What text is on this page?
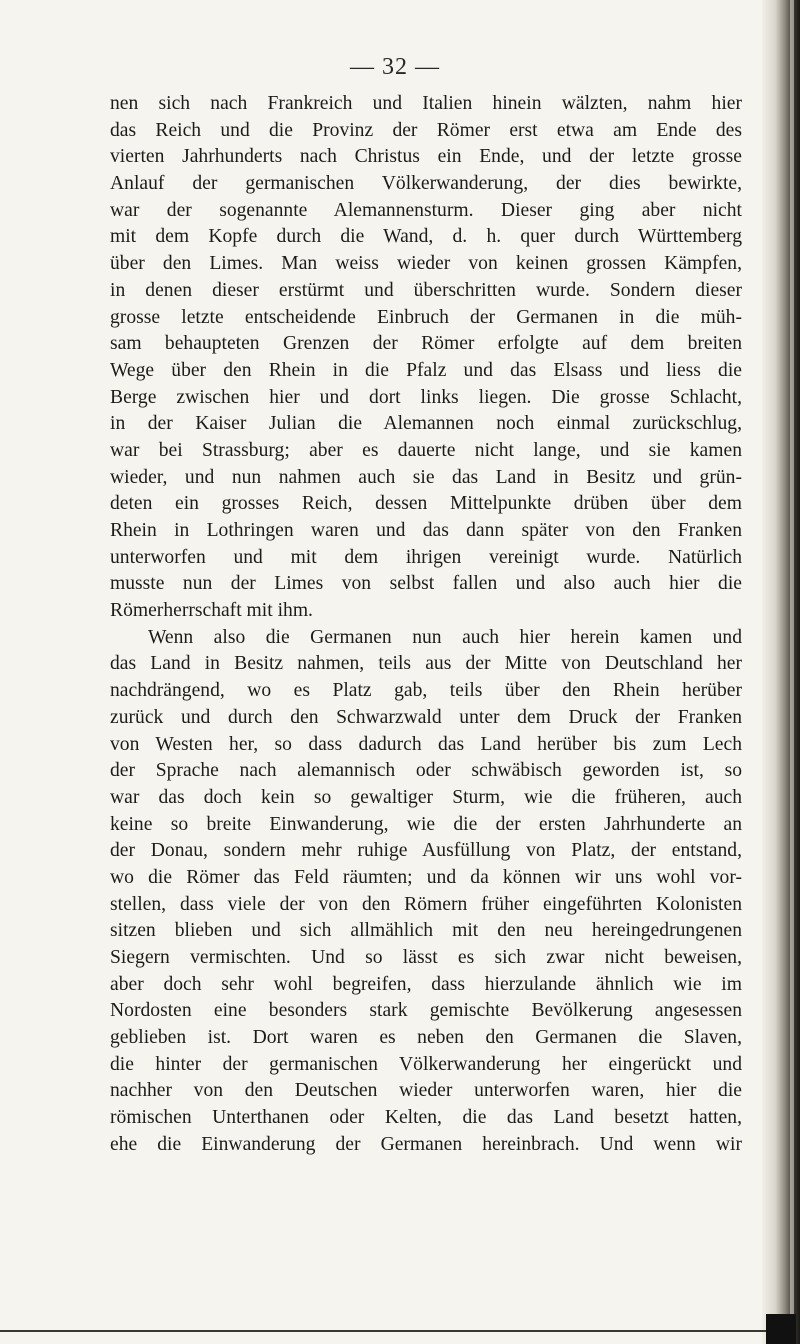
— 32 —
nen sich nach Frankreich und Italien hinein wälzten, nahm hier
das Reich und die Provinz der Römer erst etwa am Ende des
vierten Jahrhunderts nach Christus ein Ende, und der letzte grosse
Anlauf der germanischen Völkerwanderung, der dies bewirkte,
war der sogenannte Alemannensturm. Dieser ging aber nicht
mit dem Kopfe durch die Wand, d. h. quer durch Württemberg
über den Limes. Man weiss wieder von keinen grossen Kämpfen,
in denen dieser erstürmt und überschritten wurde. Sondern dieser
grosse letzte entscheidende Einbruch der Germanen in die müh-
sam behaupteten Grenzen der Römer erfolgte auf dem breiten
Wege über den Rhein in die Pfalz und das Elsass und liess die
Berge zwischen hier und dort links liegen. Die grosse Schlacht,
in der Kaiser Julian die Alemannen noch einmal zurückschlug,
war bei Strassburg; aber es dauerte nicht lange, und sie kamen
wieder, und nun nahmen auch sie das Land in Besitz und grün-
deten ein grosses Reich, dessen Mittelpunkte drüben über dem
Rhein in Lothringen waren und das dann später von den Franken
unterworfen und mit dem ihrigen vereinigt wurde. Natürlich
musste nun der Limes von selbst fallen und also auch hier die
Römerherrschaft mit ihm.
Wenn also die Germanen nun auch hier herein kamen und
das Land in Besitz nahmen, teils aus der Mitte von Deutschland her
nachdrängend, wo es Platz gab, teils über den Rhein herüber
zurück und durch den Schwarzwald unter dem Druck der Franken
von Westen her, so dass dadurch das Land herüber bis zum Lech
der Sprache nach alemannisch oder schwäbisch geworden ist, so
war das doch kein so gewaltiger Sturm, wie die früheren, auch
keine so breite Einwanderung, wie die der ersten Jahrhunderte an
der Donau, sondern mehr ruhige Ausfüllung von Platz, der entstand,
wo die Römer das Feld räumten; und da können wir uns wohl vor-
stellen, dass viele der von den Römern früher eingeführten Kolonisten
sitzen blieben und sich allmählich mit den neu hereingedrungenen
Siegern vermischten. Und so lässt es sich zwar nicht beweisen,
aber doch sehr wohl begreifen, dass hierzulande ähnlich wie im
Nordosten eine besonders stark gemischte Bevölkerung angesessen
geblieben ist. Dort waren es neben den Germanen die Slaven,
die hinter der germanischen Völkerwanderung her eingerückt und
nachher von den Deutschen wieder unterworfen waren, hier die
römischen Unterthanen oder Kelten, die das Land besetzt hatten,
ehe die Einwanderung der Germanen hereinbrach. Und wenn wir
